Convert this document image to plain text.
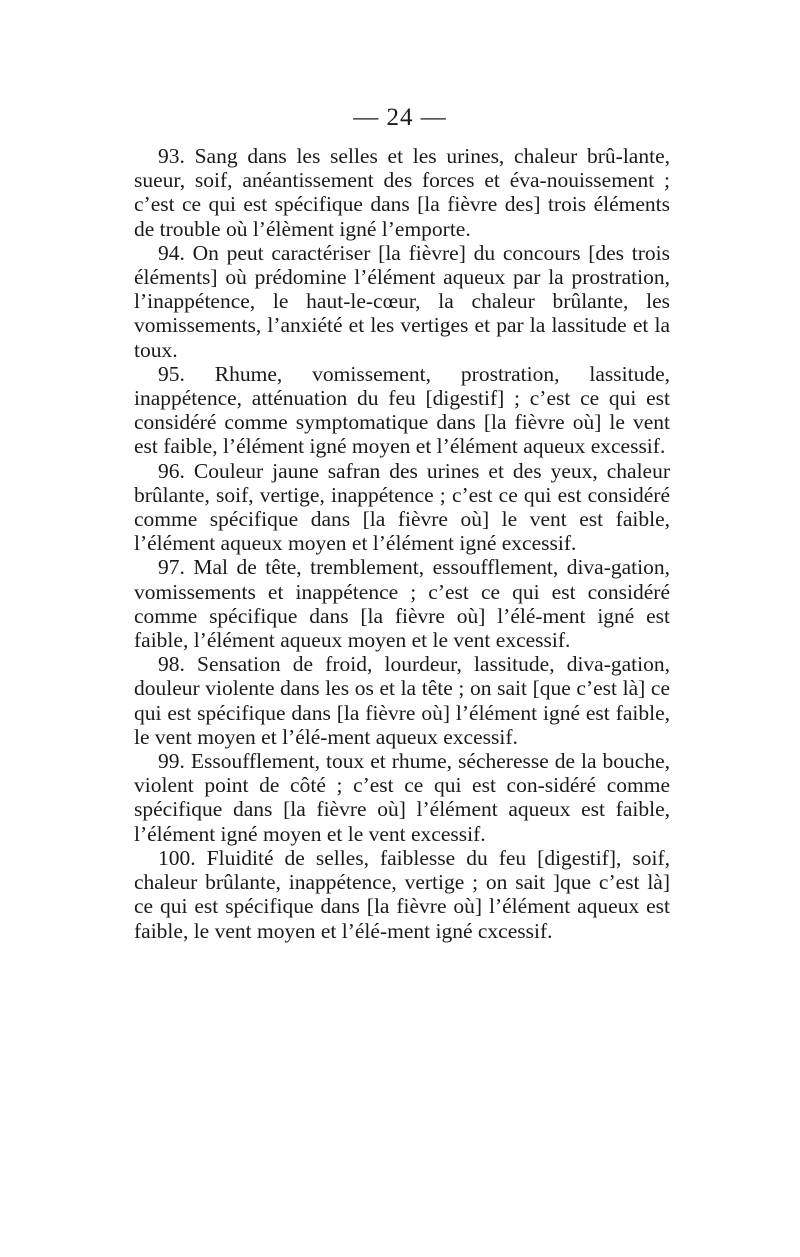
— 24 —

93. Sang dans les selles et les urines, chaleur brû-lante, sueur, soif, anéantissement des forces et éva-nouissement ; c’est ce qui est spécifique dans [la fièvre des] trois éléments de trouble où l’élèment igné l’emporte.

94. On peut caractériser [la fièvre] du concours [des trois éléments] où prédomine l’élément aqueux par la prostration, l’inappétence, le haut-le-cœur, la chaleur brûlante, les vomissements, l’anxiété et les vertiges et par la lassitude et la toux.

95. Rhume, vomissement, prostration, lassitude, inappétence, atténuation du feu [digestif] ; c’est ce qui est considéré comme symptomatique dans [la fièvre où] le vent est faible, l’élément igné moyen et l’élément aqueux excessif.

96. Couleur jaune safran des urines et des yeux, chaleur brûlante, soif, vertige, inappétence ; c’est ce qui est considéré comme spécifique dans [la fièvre où] le vent est faible, l’élément aqueux moyen et l’élément igné excessif.

97. Mal de tête, tremblement, essoufflement, diva-gation, vomissements et inappétence ; c’est ce qui est considéré comme spécifique dans [la fièvre où] l’élé-ment igné est faible, l’élément aqueux moyen et le vent excessif.

98. Sensation de froid, lourdeur, lassitude, diva-gation, douleur violente dans les os et la tête ; on sait [que c’est là] ce qui est spécifique dans [la fièvre où] l’élément igné est faible, le vent moyen et l’élé-ment aqueux excessif.

99. Essoufflement, toux et rhume, sécheresse de la bouche, violent point de côté ; c’est ce qui est con-sidéré comme spécifique dans [la fièvre où] l’élément aqueux est faible, l’élément igné moyen et le vent excessif.

100. Fluidité de selles, faiblesse du feu [digestif], soif, chaleur brûlante, inappétence, vertige ; on sait ]que c’est là] ce qui est spécifique dans [la fièvre où] l’élément aqueux est faible, le vent moyen et l’élé-ment igné cxcessif.
